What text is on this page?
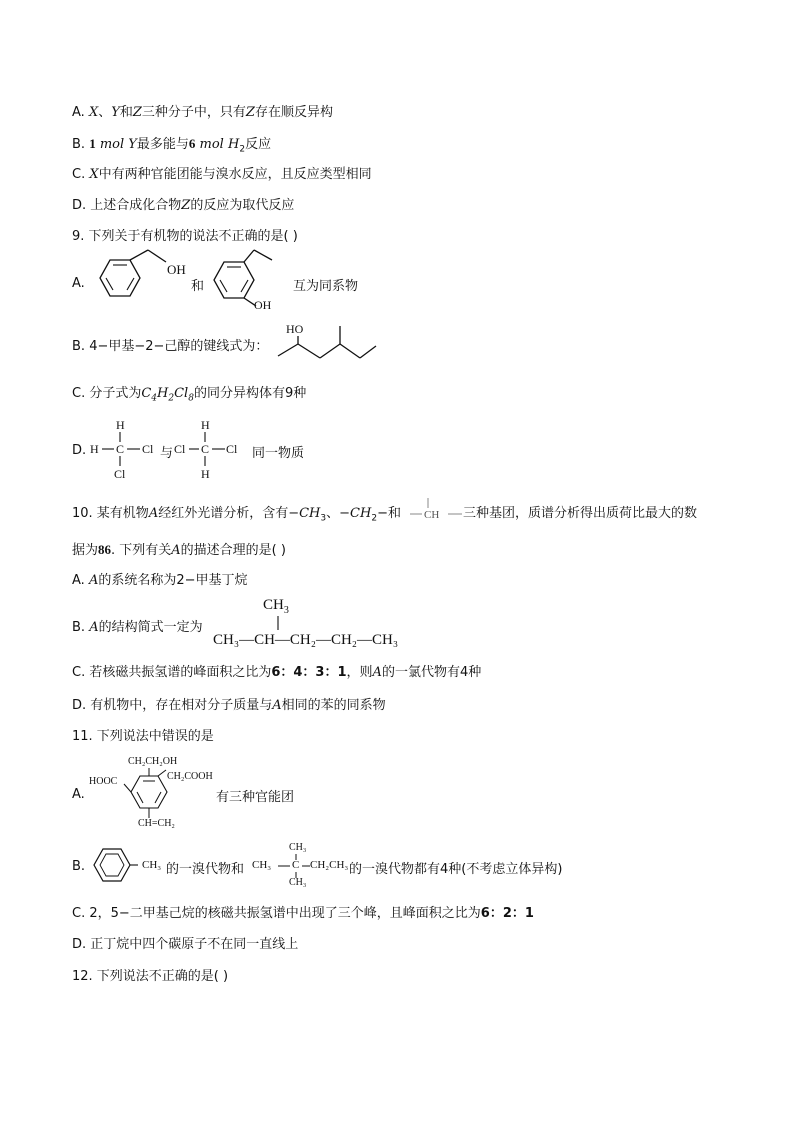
A. X、Y和Z三种分子中，只有Z存在顺反异构
B. 1 mol Y最多能与6 mol $H_2$反应
C. X中有两种官能团能与溴水反应，且反应类型相同
D. 上述合成化合物Z的反应为取代反应
9. 下列关于有机物的说法不正确的是( )
A.
OH
和
OH
互为同系物
B. 4−甲基−2−己醇的键线式为：
HO
C. 分子式为$C_4H_2Cl_8$的同分异构体有9种
D.
H
H C Cl
Cl
与 Cl
H
C Cl
H
同一物质
10. 某有机物A经红外光谱分析，含有$-CH_3$、$-CH_2-$和	三种基团，质谱分析得出质荷比最大的数
CH
据为86. 下列有关A的描述合理的是( )
A. A的系统名称为2−甲基丁烷
B. A的结构简式一定为
$CH_3$
CH₃—CH—CH₂—CH₂—CH₃
C. 若核磁共振氢谱的峰面积之比为6：4：3：1，则A的一氯代物有4种
D. 有机物中，存在相对分子质量与A相同的苯的同系物
11. 下列说法中错误的是
A.
CH₂CH₂OH
HOOC	CH₂COOH
CH=CH₂
有三种官能团
B.	CH₃ 的一溴代物和 CH₃
CH₃
C CH₂CH₃
CH₃
的一溴代物都有4种(不考虑立体异构)
C. 2，5−二甲基己烷的核磁共振氢谱中出现了三个峰，且峰面积之比为6：2：1
D. 正丁烷中四个碳原子不在同一直线上
12. 下列说法不正确的是( )
